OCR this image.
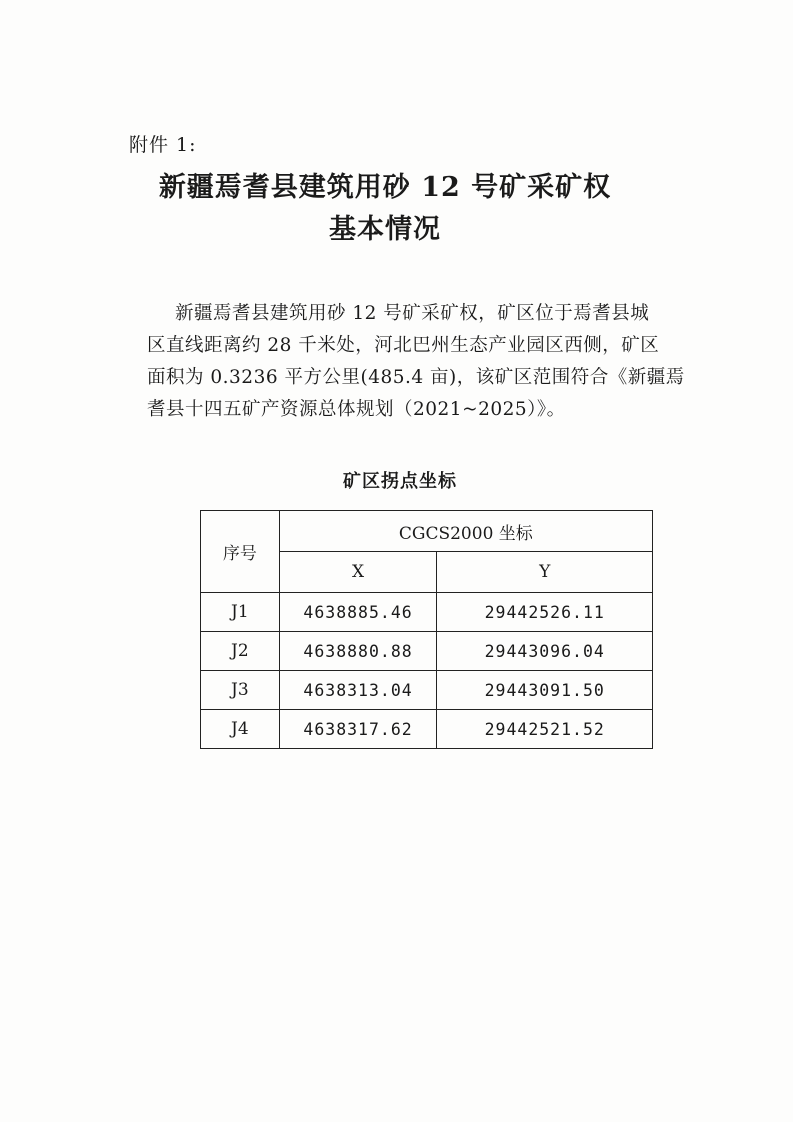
附件 1:
新疆焉耆县建筑用砂 12 号矿采矿权
基本情况
新疆焉耆县建筑用砂 12 号矿采矿权，矿区位于焉耆县城
区直线距离约 28 千米处，河北巴州生态产业园区西侧，矿区
面积为 0.3236 平方公里(485.4 亩)，该矿区范围符合《新疆焉
耆县十四五矿产资源总体规划（2021~2025）》。
矿区拐点坐标
序号	CGCS2000 坐标	
	X	Y
J1	4638885.46	29442526.11
J2	4638880.88	29443096.04
J3	4638313.04	29443091.50
J4	4638317.62	29442521.52
